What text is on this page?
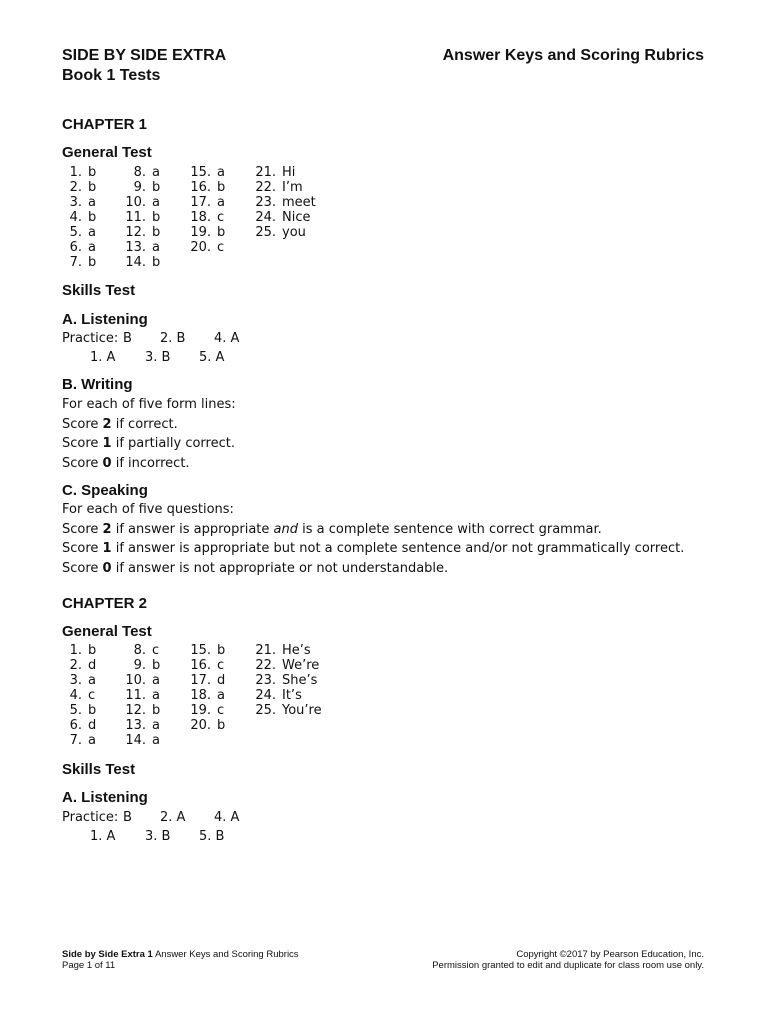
SIDE BY SIDE EXTRA
Book 1 Tests
Answer Keys and Scoring Rubrics
CHAPTER 1
General Test
1. b
2. b
3. a
4. b
5. a
6. a
7. b
8. a
9. b
10. a
11. b
12. b
13. a
14. b
15. a
16. b
17. a
18. c
19. b
20. c
21. Hi
22. I’m
23. meet
24. Nice
25. you
Skills Test
A. Listening
Practice: B 2. B 4. A
1. A 3. B 5. A
B. Writing
For each of five form lines:
Score 2 if correct.
Score 1 if partially correct.
Score 0 if incorrect.
C. Speaking
For each of five questions:
Score 2 if answer is appropriate and is a complete sentence with correct grammar.
Score 1 if answer is appropriate but not a complete sentence and/or not grammatically correct.
Score 0 if answer is not appropriate or not understandable.
CHAPTER 2
General Test
1. b
2. d
3. a
4. c
5. b
6. d
7. a
8. c
9. b
10. a
11. a
12. b
13. a
14. a
15. b
16. c
17. d
18. a
19. c
20. b
21. He’s
22. We’re
23. She’s
24. It’s
25. You’re
Skills Test
A. Listening
Practice: B 2. A 4. A
1. A 3. B 5. B
Side by Side Extra 1 Answer Keys and Scoring Rubrics
Page 1 of 11
Copyright ©2017 by Pearson Education, Inc.
Permission granted to edit and duplicate for class room use only.
